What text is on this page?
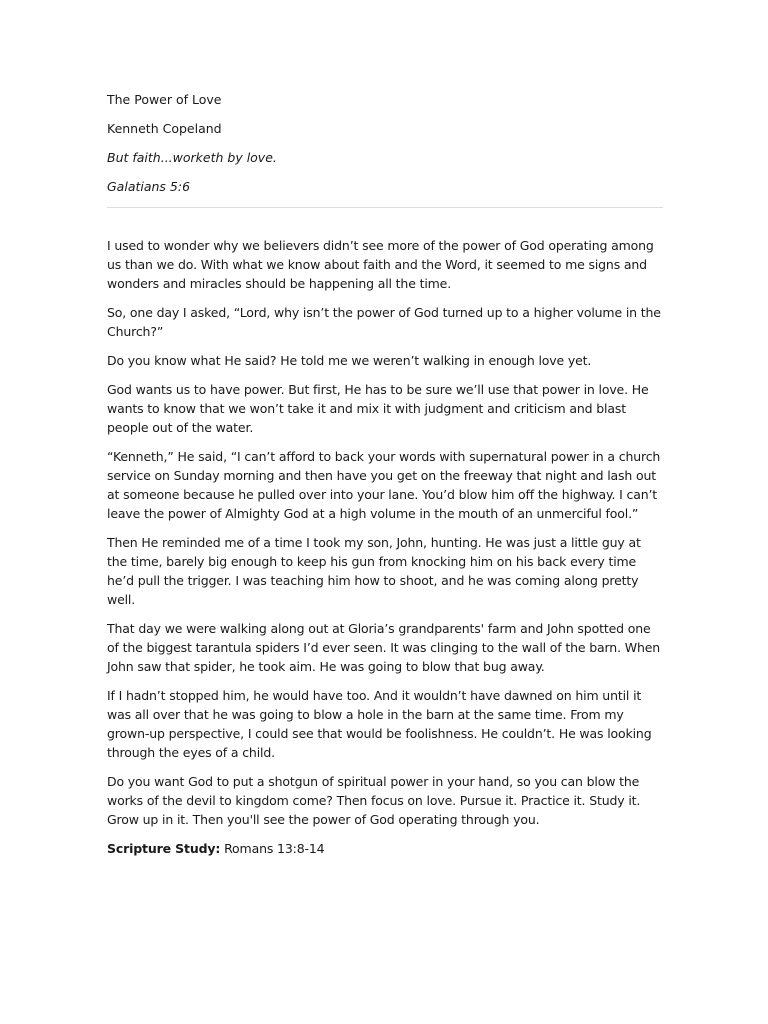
The Power of Love

Kenneth Copeland

But faith...worketh by love.

Galatians 5:6

I used to wonder why we believers didn’t see more of the power of God operating among us than we do. With what we know about faith and the Word, it seemed to me signs and wonders and miracles should be happening all the time.

So, one day I asked, “Lord, why isn’t the power of God turned up to a higher volume in the Church?”

Do you know what He said? He told me we weren’t walking in enough love yet.

God wants us to have power. But first, He has to be sure we’ll use that power in love. He wants to know that we won’t take it and mix it with judgment and criticism and blast people out of the water.

“Kenneth,” He said, “I can’t afford to back your words with supernatural power in a church service on Sunday morning and then have you get on the freeway that night and lash out at someone because he pulled over into your lane. You’d blow him off the highway. I can’t leave the power of Almighty God at a high volume in the mouth of an unmerciful fool.”

Then He reminded me of a time I took my son, John, hunting. He was just a little guy at the time, barely big enough to keep his gun from knocking him on his back every time he’d pull the trigger. I was teaching him how to shoot, and he was coming along pretty well.

That day we were walking along out at Gloria’s grandparents' farm and John spotted one of the biggest tarantula spiders I’d ever seen. It was clinging to the wall of the barn. When John saw that spider, he took aim. He was going to blow that bug away.

If I hadn’t stopped him, he would have too. And it wouldn’t have dawned on him until it was all over that he was going to blow a hole in the barn at the same time. From my grown-up perspective, I could see that would be foolishness. He couldn’t. He was looking through the eyes of a child.

Do you want God to put a shotgun of spiritual power in your hand, so you can blow the works of the devil to kingdom come? Then focus on love. Pursue it. Practice it. Study it. Grow up in it. Then you'll see the power of God operating through you.

Scripture Study: Romans 13:8-14
